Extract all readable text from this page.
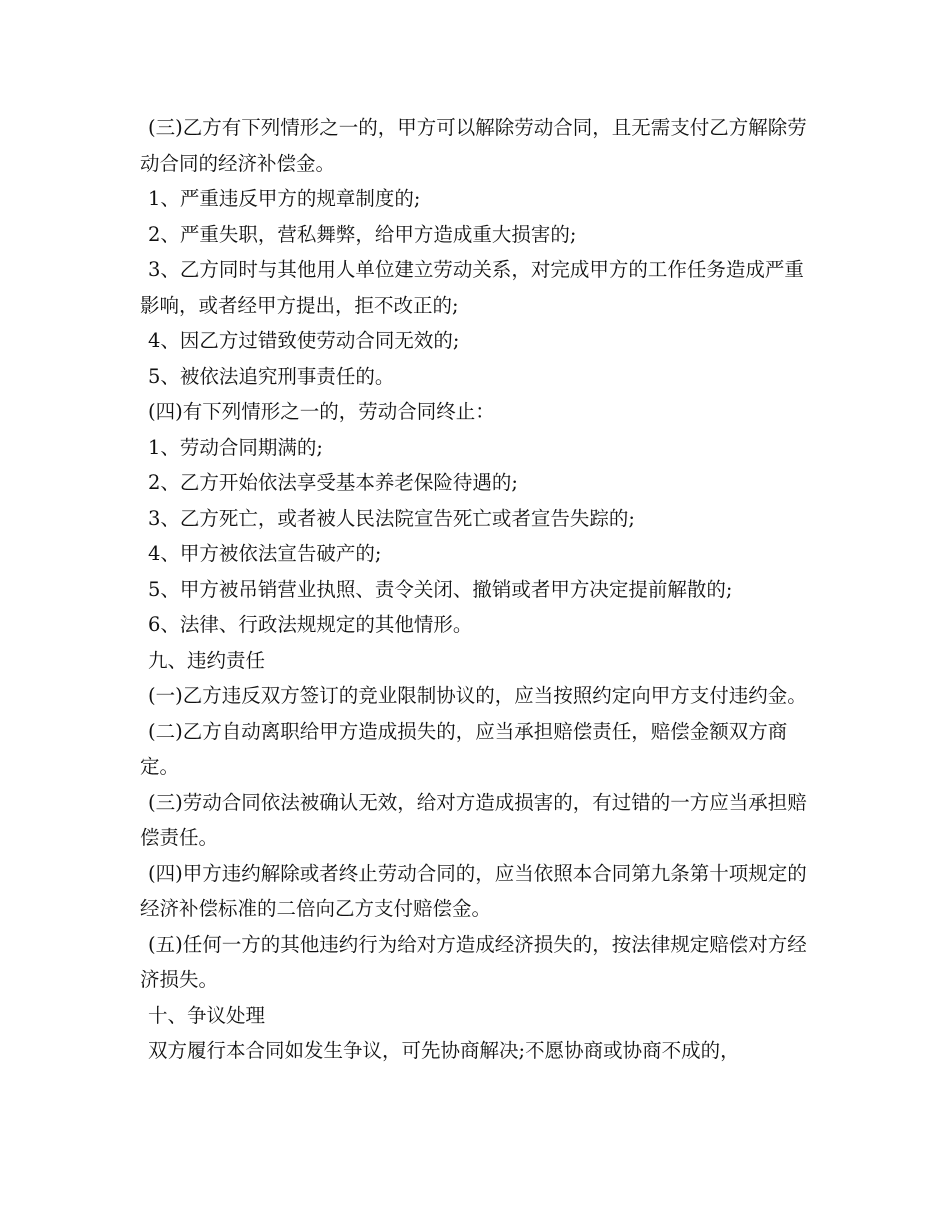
(三)乙方有下列情形之一的，甲方可以解除劳动合同，且无需支付乙方解除劳动合同的经济补偿金。

1、严重违反甲方的规章制度的;

2、严重失职，营私舞弊，给甲方造成重大损害的;

3、乙方同时与其他用人单位建立劳动关系，对完成甲方的工作任务造成严重影响，或者经甲方提出，拒不改正的;

4、因乙方过错致使劳动合同无效的;

5、被依法追究刑事责任的。

(四)有下列情形之一的，劳动合同终止：

1、劳动合同期满的;

2、乙方开始依法享受基本养老保险待遇的;

3、乙方死亡，或者被人民法院宣告死亡或者宣告失踪的;

4、甲方被依法宣告破产的;

5、甲方被吊销营业执照、责令关闭、撤销或者甲方决定提前解散的;

6、法律、行政法规规定的其他情形。

九、违约责任

(一)乙方违反双方签订的竞业限制协议的，应当按照约定向甲方支付违约金。

(二)乙方自动离职给甲方造成损失的，应当承担赔偿责任，赔偿金额双方商定。

(三)劳动合同依法被确认无效，给对方造成损害的，有过错的一方应当承担赔偿责任。

(四)甲方违约解除或者终止劳动合同的，应当依照本合同第九条第十项规定的经济补偿标准的二倍向乙方支付赔偿金。

(五)任何一方的其他违约行为给对方造成经济损失的，按法律规定赔偿对方经济损失。

十、争议处理

双方履行本合同如发生争议，可先协商解决;不愿协商或协商不成的，
